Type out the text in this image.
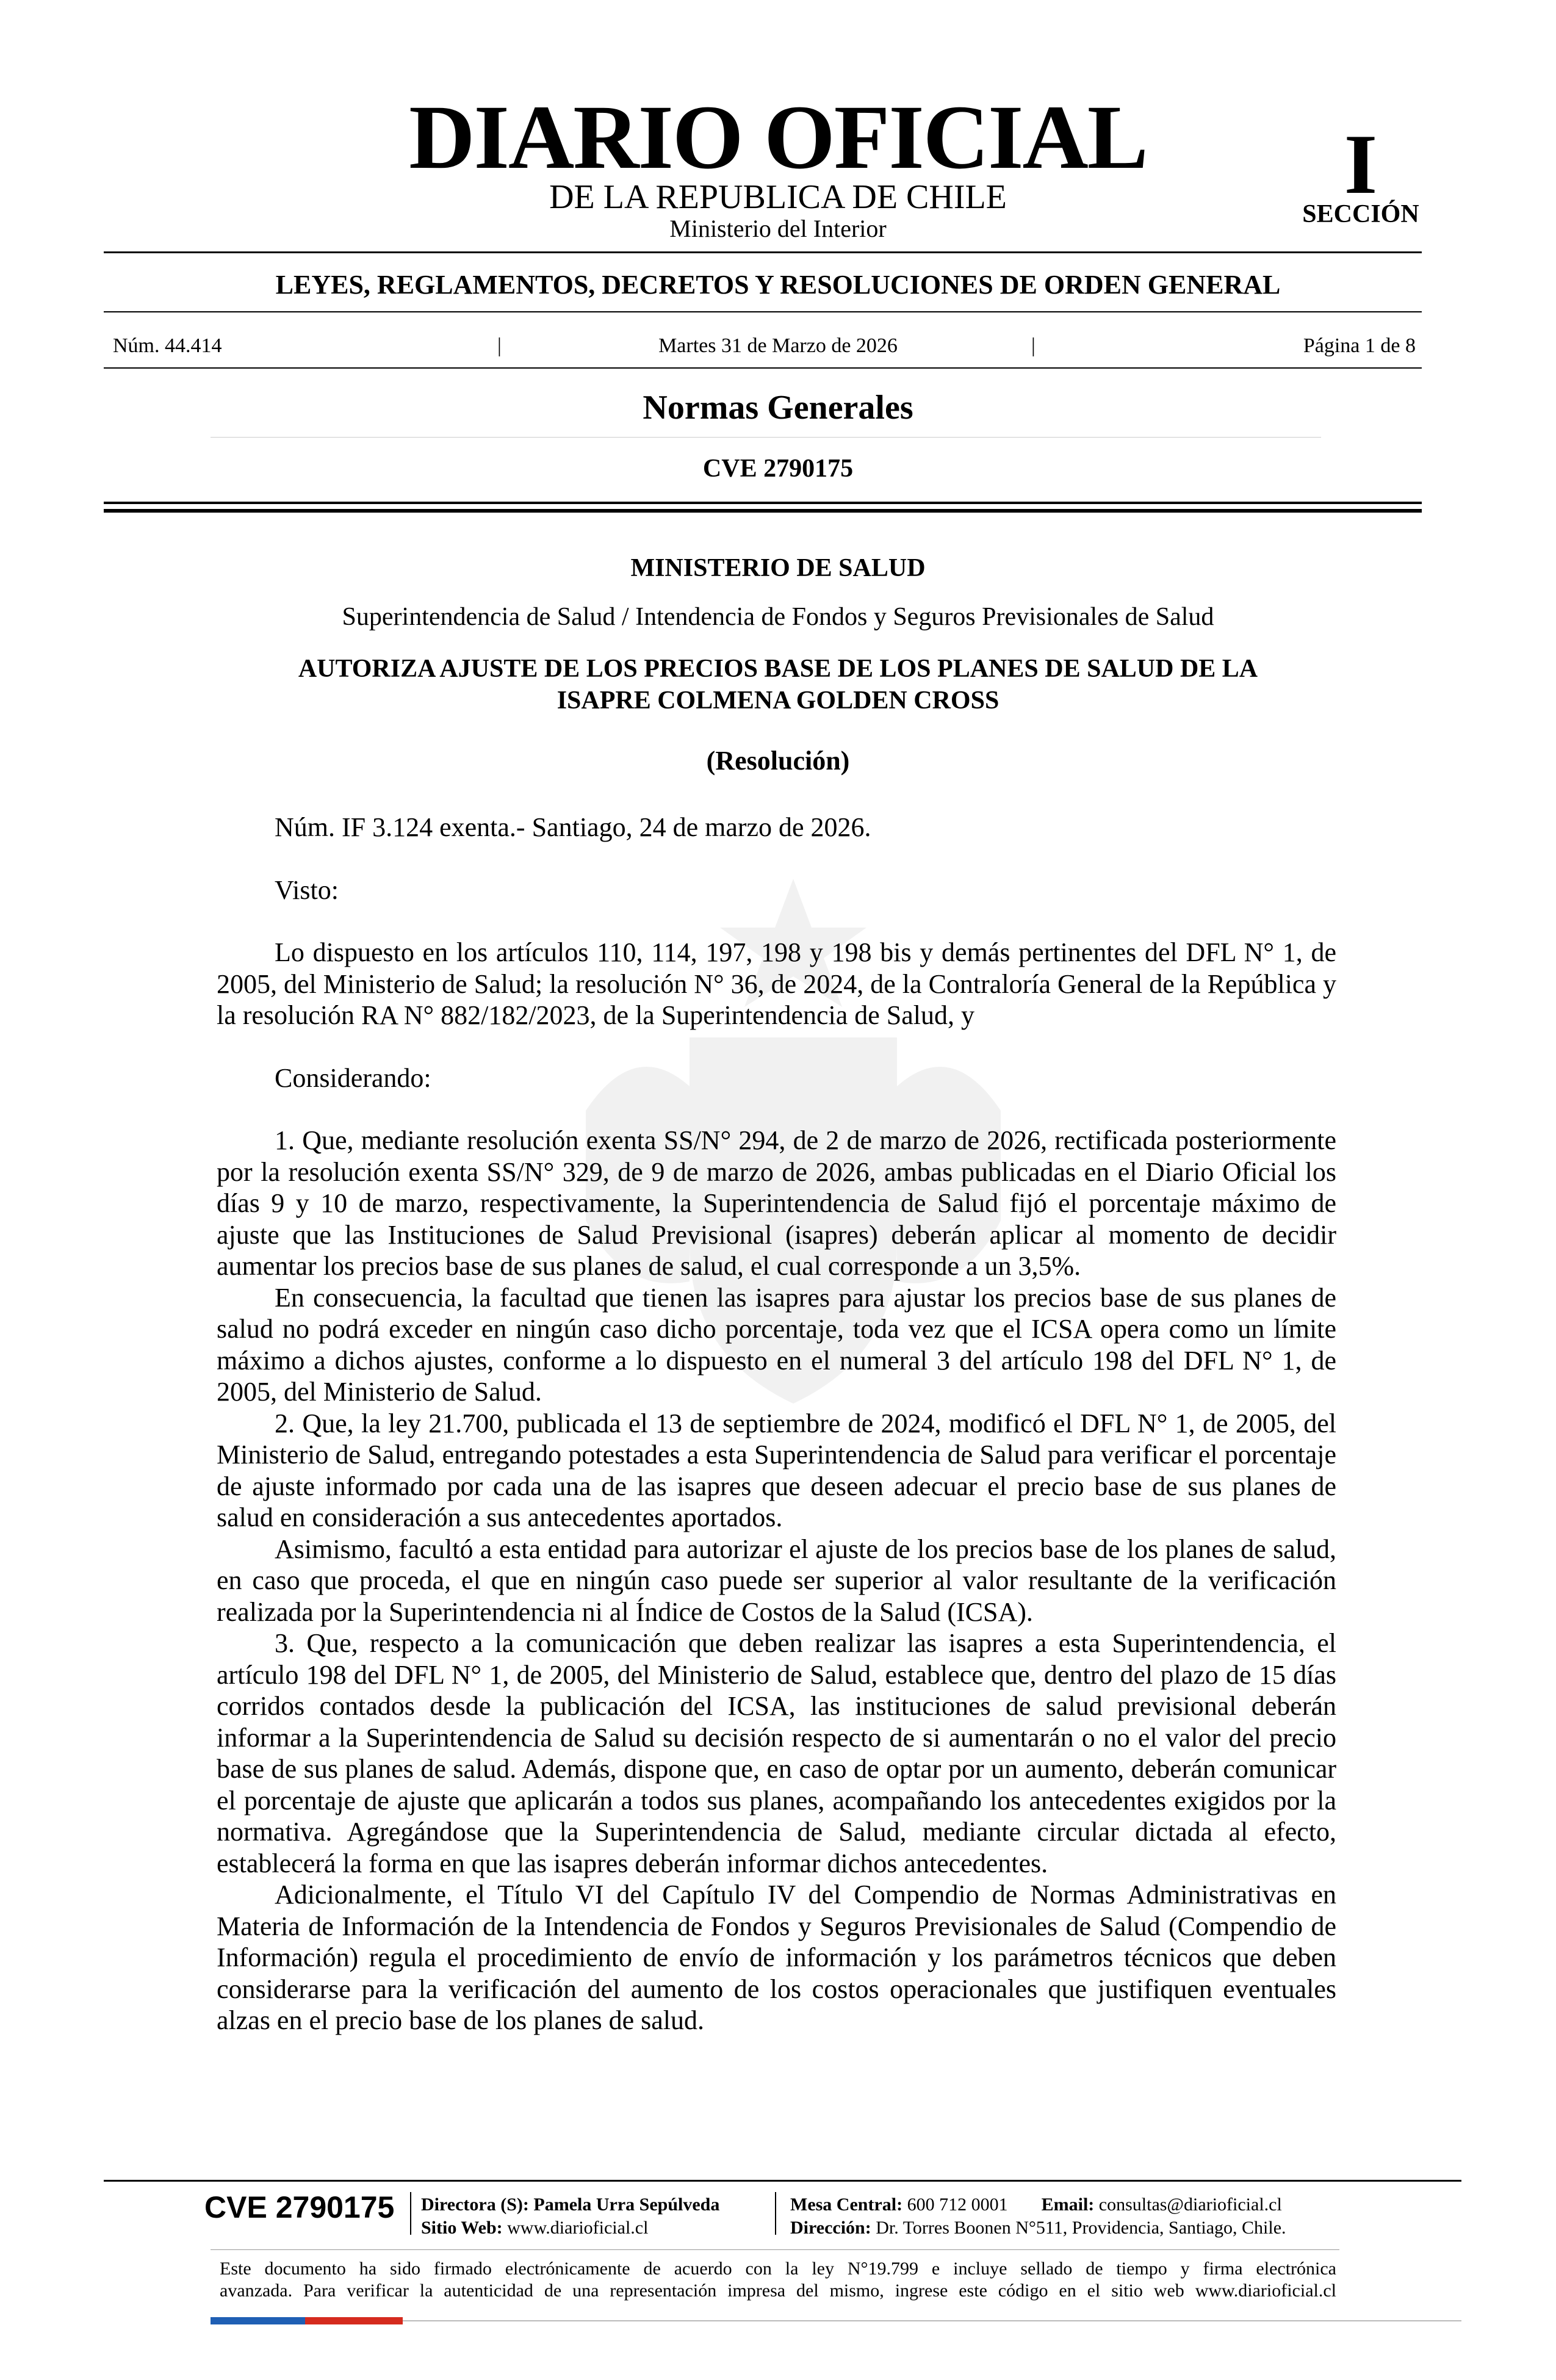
DIARIO OFICIAL
DE LA REPUBLICA DE CHILE
Ministerio del Interior
I
SECCIÓN
LEYES, REGLAMENTOS, DECRETOS Y RESOLUCIONES DE ORDEN GENERAL
Núm. 44.414	|	Martes 31 de Marzo de 2026	|	Página 1 de 8
Normas Generales
CVE 2790175
MINISTERIO DE SALUD
Superintendencia de Salud / Intendencia de Fondos y Seguros Previsionales de Salud
AUTORIZA AJUSTE DE LOS PRECIOS BASE DE LOS PLANES DE SALUD DE LA
ISAPRE COLMENA GOLDEN CROSS
(Resolución)

Núm. IF 3.124 exenta.- Santiago, 24 de marzo de 2026.

Visto:

Lo dispuesto en los artículos 110, 114, 197, 198 y 198 bis y demás pertinentes del DFL N° 1, de 2005, del Ministerio de Salud; la resolución N° 36, de 2024, de la Contraloría General de la República y la resolución RA N° 882/182/2023, de la Superintendencia de Salud, y

Considerando:

1. Que, mediante resolución exenta SS/N° 294, de 2 de marzo de 2026, rectificada posteriormente por la resolución exenta SS/N° 329, de 9 de marzo de 2026, ambas publicadas en el Diario Oficial los días 9 y 10 de marzo, respectivamente, la Superintendencia de Salud fijó el porcentaje máximo de ajuste que las Instituciones de Salud Previsional (isapres) deberán aplicar al momento de decidir aumentar los precios base de sus planes de salud, el cual corresponde a un 3,5%.

En consecuencia, la facultad que tienen las isapres para ajustar los precios base de sus planes de salud no podrá exceder en ningún caso dicho porcentaje, toda vez que el ICSA opera como un límite máximo a dichos ajustes, conforme a lo dispuesto en el numeral 3 del artículo 198 del DFL N° 1, de 2005, del Ministerio de Salud.

2. Que, la ley 21.700, publicada el 13 de septiembre de 2024, modificó el DFL N° 1, de 2005, del Ministerio de Salud, entregando potestades a esta Superintendencia de Salud para verificar el porcentaje de ajuste informado por cada una de las isapres que deseen adecuar el precio base de sus planes de salud en consideración a sus antecedentes aportados.

Asimismo, facultó a esta entidad para autorizar el ajuste de los precios base de los planes de salud, en caso que proceda, el que en ningún caso puede ser superior al valor resultante de la verificación realizada por la Superintendencia ni al Índice de Costos de la Salud (ICSA).

3. Que, respecto a la comunicación que deben realizar las isapres a esta Superintendencia, el artículo 198 del DFL N° 1, de 2005, del Ministerio de Salud, establece que, dentro del plazo de 15 días corridos contados desde la publicación del ICSA, las instituciones de salud previsional deberán informar a la Superintendencia de Salud su decisión respecto de si aumentarán o no el valor del precio base de sus planes de salud. Además, dispone que, en caso de optar por un aumento, deberán comunicar el porcentaje de ajuste que aplicarán a todos sus planes, acompañando los antecedentes exigidos por la normativa. Agregándose que la Superintendencia de Salud, mediante circular dictada al efecto, establecerá la forma en que las isapres deberán informar dichos antecedentes.

Adicionalmente, el Título VI del Capítulo IV del Compendio de Normas Administrativas en Materia de Información de la Intendencia de Fondos y Seguros Previsionales de Salud (Compendio de Información) regula el procedimiento de envío de información y los parámetros técnicos que deben considerarse para la verificación del aumento de los costos operacionales que justifiquen eventuales alzas en el precio base de los planes de salud.

CVE 2790175 Directora (S): Pamela Urra Sepúlveda
Sitio Web: www.diarioficial.cl
Mesa Central: 600 712 0001 Email: consultas@diarioficial.cl
Dirección: Dr. Torres Boonen N°511, Providencia, Santiago, Chile.
Este documento ha sido firmado electrónicamente de acuerdo con la ley N°19.799 e incluye sellado de tiempo y firma electrónica
avanzada. Para verificar la autenticidad de una representación impresa del mismo, ingrese este código en el sitio web www.diarioficial.cl
